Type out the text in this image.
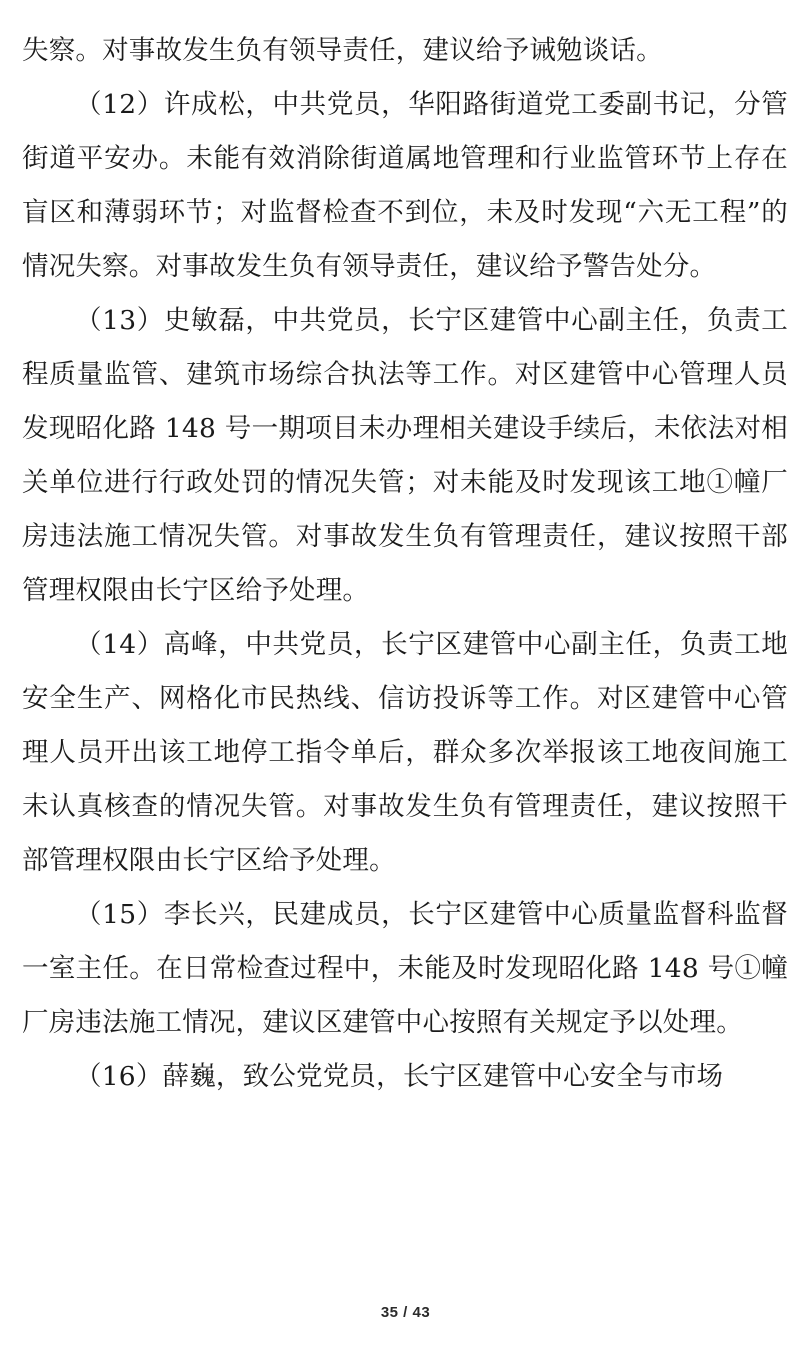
失察。对事故发生负有领导责任，建议给予诫勉谈话。

（12）许成松，中共党员，华阳路街道党工委副书记，分管街道平安办。未能有效消除街道属地管理和行业监管环节上存在盲区和薄弱环节；对监督检查不到位，未及时发现“六无工程”的情况失察。对事故发生负有领导责任，建议给予警告处分。

（13）史敏磊，中共党员，长宁区建管中心副主任，负责工程质量监管、建筑市场综合执法等工作。对区建管中心管理人员发现昭化路 148 号一期项目未办理相关建设手续后，未依法对相关单位进行行政处罚的情况失管；对未能及时发现该工地①幢厂房违法施工情况失管。对事故发生负有管理责任，建议按照干部管理权限由长宁区给予处理。

（14）高峰，中共党员，长宁区建管中心副主任，负责工地安全生产、网格化市民热线、信访投诉等工作。对区建管中心管理人员开出该工地停工指令单后，群众多次举报该工地夜间施工未认真核查的情况失管。对事故发生负有管理责任，建议按照干部管理权限由长宁区给予处理。

（15）李长兴，民建成员，长宁区建管中心质量监督科监督一室主任。在日常检查过程中，未能及时发现昭化路 148 号①幢厂房违法施工情况，建议区建管中心按照有关规定予以处理。

（16）薛巍，致公党党员，长宁区建管中心安全与市场

35 / 43
